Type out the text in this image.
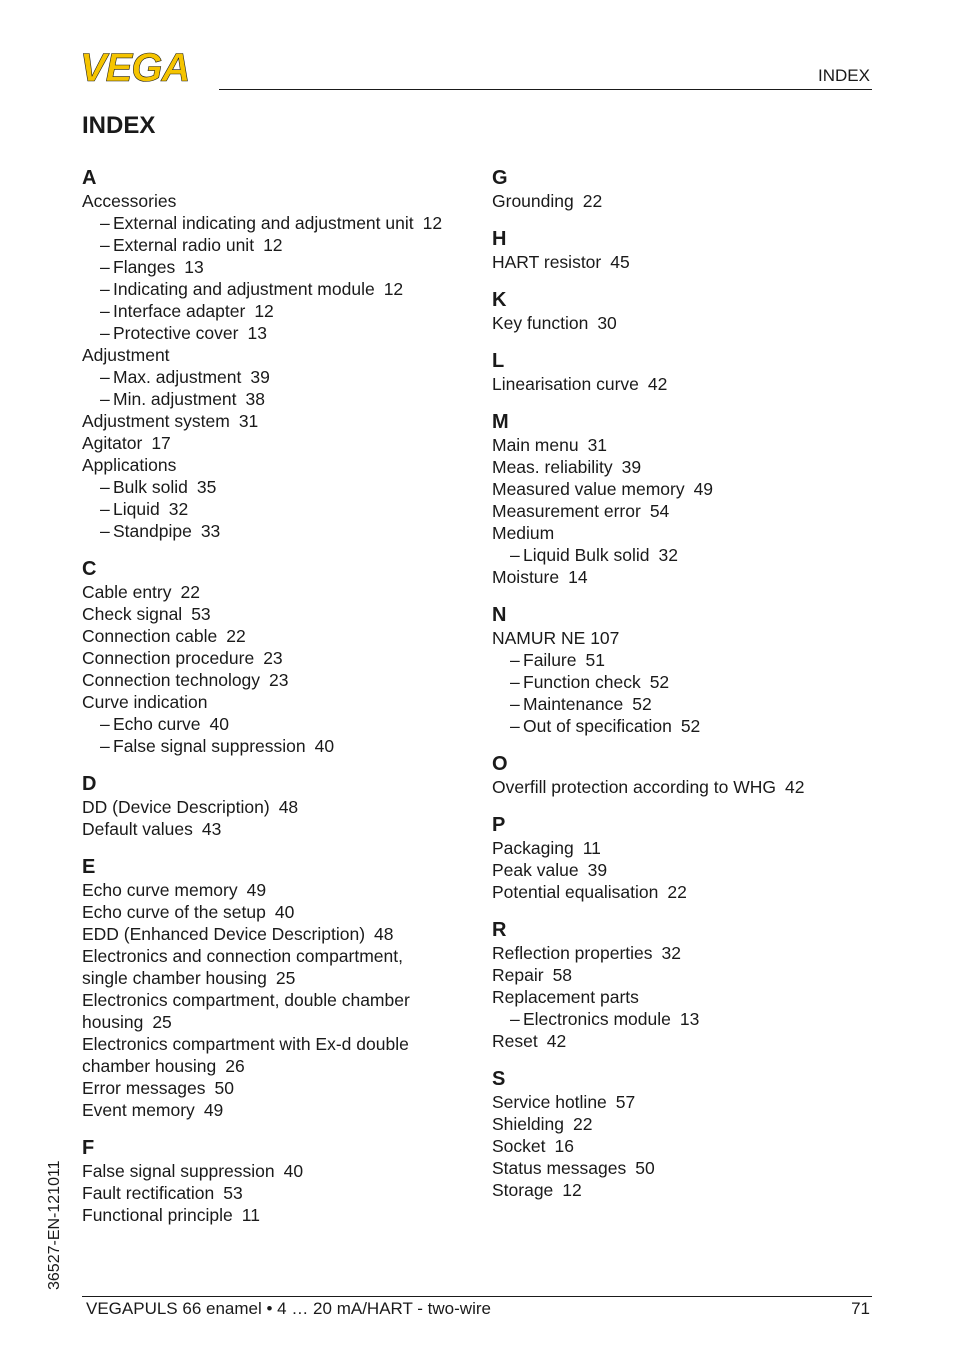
VEGA	INDEX
INDEX
A
Accessories
– External indicating and adjustment unit 12
– External radio unit 12
– Flanges 13
– Indicating and adjustment module 12
– Interface adapter 12
– Protective cover 13
Adjustment
– Max. adjustment 39
– Min. adjustment 38
Adjustment system 31
Agitator 17
Applications
– Bulk solid 35
– Liquid 32
– Standpipe 33
C
Cable entry 22
Check signal 53
Connection cable 22
Connection procedure 23
Connection technology 23
Curve indication
– Echo curve 40
– False signal suppression 40
D
DD (Device Description) 48
Default values 43
E
Echo curve memory 49
Echo curve of the setup 40
EDD (Enhanced Device Description) 48
Electronics and connection compartment,
single chamber housing 25
Electronics compartment, double chamber
housing 25
Electronics compartment with Ex-d double
chamber housing 26
Error messages 50
Event memory 49
F
False signal suppression 40
Fault rectification 53
Functional principle 11
G
Grounding 22
H
HART resistor 45
K
Key function 30
L
Linearisation curve 42
M
Main menu 31
Meas. reliability 39
Measured value memory 49
Measurement error 54
Medium
– Liquid Bulk solid 32
Moisture 14
N
NAMUR NE 107
– Failure 51
– Function check 52
– Maintenance 52
– Out of specification 52
O
Overfill protection according to WHG 42
P
Packaging 11
Peak value 39
Potential equalisation 22
R
Reflection properties 32
Repair 58
Replacement parts
– Electronics module 13
Reset 42
S
Service hotline 57
Shielding 22
Socket 16
Status messages 50
Storage 12
36527-EN-121011
VEGAPULS 66 enamel • 4 … 20 mA/HART - two-wire	71
